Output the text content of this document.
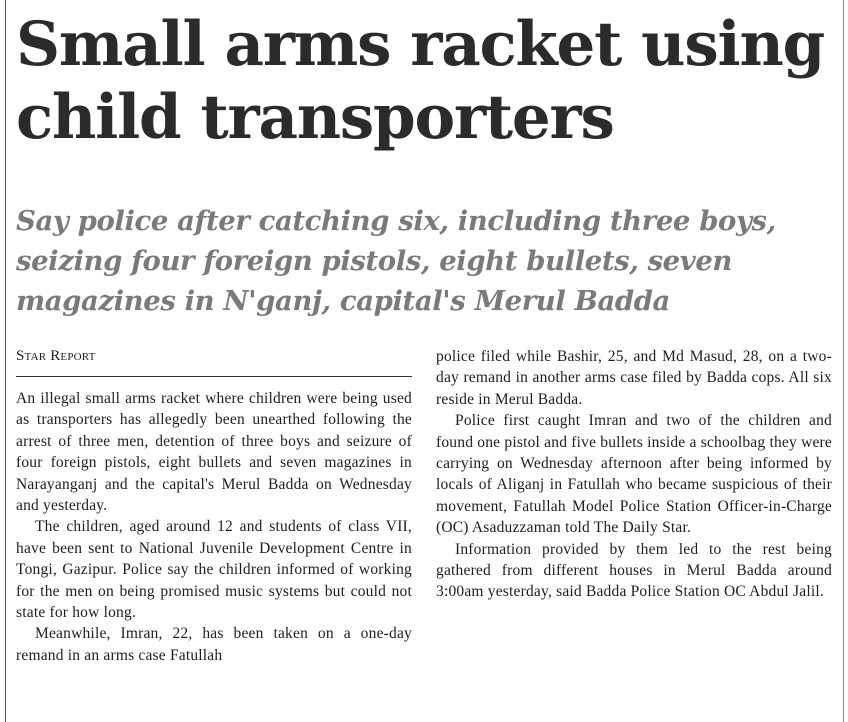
Small arms racket using child transporters
Say police after catching six, including three boys, seizing four foreign pistols, eight bullets, seven magazines in N'ganj, capital's Merul Badda
Star Report

An illegal small arms racket where children were being used as transporters has allegedly been unearthed following the arrest of three men, detention of three boys and seizure of four foreign pistols, eight bullets and seven magazines in Narayanganj and the capital's Merul Badda on Wednesday and yesterday.

The children, aged around 12 and students of class VII, have been sent to National Juvenile Development Centre in Tongi, Gazipur. Police say the children informed of working for the men on being promised music systems but could not state for how long.

Meanwhile, Imran, 22, has been taken on a one-day remand in an arms case Fatullah

police filed while Bashir, 25, and Md Masud, 28, on a two-day remand in another arms case filed by Badda cops. All six reside in Merul Badda.

Police first caught Imran and two of the children and found one pistol and five bullets inside a schoolbag they were carrying on Wednesday afternoon after being informed by locals of Aliganj in Fatullah who became suspicious of their movement, Fatullah Model Police Station Officer-in-Charge (OC) Asaduzzaman told The Daily Star.

Information provided by them led to the rest being gathered from different houses in Merul Badda around 3:00am yesterday, said Badda Police Station OC Abdul Jalil.
